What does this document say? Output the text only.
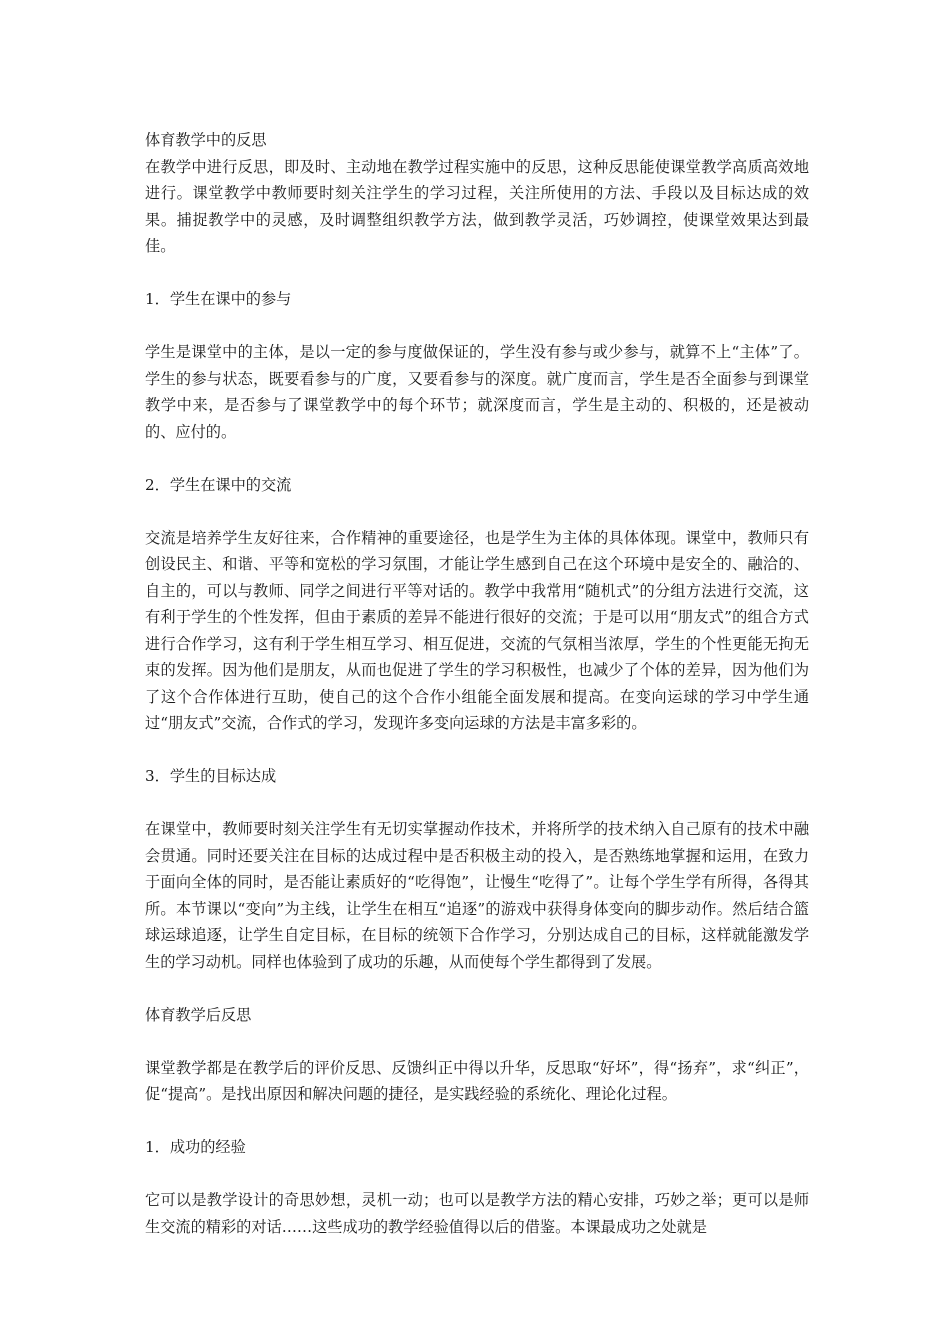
体育教学中的反思

在教学中进行反思，即及时、主动地在教学过程实施中的反思，这种反思能使课堂教学高质高效地进行。课堂教学中教师要时刻关注学生的学习过程，关注所使用的方法、手段以及目标达成的效果。捕捉教学中的灵感，及时调整组织教学方法，做到教学灵活，巧妙调控，使课堂效果达到最佳。

1．学生在课中的参与

学生是课堂中的主体，是以一定的参与度做保证的，学生没有参与或少参与，就算不上“主体”了。学生的参与状态，既要看参与的广度，又要看参与的深度。就广度而言，学生是否全面参与到课堂教学中来，是否参与了课堂教学中的每个环节；就深度而言，学生是主动的、积极的，还是被动的、应付的。

2．学生在课中的交流

交流是培养学生友好往来，合作精神的重要途径，也是学生为主体的具体体现。课堂中，教师只有创设民主、和谐、平等和宽松的学习氛围，才能让学生感到自己在这个环境中是安全的、融洽的、自主的，可以与教师、同学之间进行平等对话的。教学中我常用“随机式”的分组方法进行交流，这有利于学生的个性发挥，但由于素质的差异不能进行很好的交流；于是可以用“朋友式”的组合方式进行合作学习，这有利于学生相互学习、相互促进，交流的气氛相当浓厚，学生的个性更能无拘无束的发挥。因为他们是朋友，从而也促进了学生的学习积极性，也减少了个体的差异，因为他们为了这个合作体进行互助，使自己的这个合作小组能全面发展和提高。在变向运球的学习中学生通过“朋友式”交流，合作式的学习，发现许多变向运球的方法是丰富多彩的。

3．学生的目标达成

在课堂中，教师要时刻关注学生有无切实掌握动作技术，并将所学的技术纳入自己原有的技术中融会贯通。同时还要关注在目标的达成过程中是否积极主动的投入，是否熟练地掌握和运用，在致力于面向全体的同时，是否能让素质好的“吃得饱”，让慢生“吃得了”。让每个学生学有所得，各得其所。本节课以“变向”为主线，让学生在相互“追逐”的游戏中获得身体变向的脚步动作。然后结合篮球运球追逐，让学生自定目标，在目标的统领下合作学习，分别达成自己的目标，这样就能激发学生的学习动机。同样也体验到了成功的乐趣，从而使每个学生都得到了发展。

体育教学后反思

课堂教学都是在教学后的评价反思、反馈纠正中得以升华，反思取“好坏”，得“扬弃”，求“纠正”，促“提高”。是找出原因和解决问题的捷径，是实践经验的系统化、理论化过程。

1．成功的经验

它可以是教学设计的奇思妙想，灵机一动；也可以是教学方法的精心安排，巧妙之举；更可以是师生交流的精彩的对话……这些成功的教学经验值得以后的借鉴。本课最成功之处就是
